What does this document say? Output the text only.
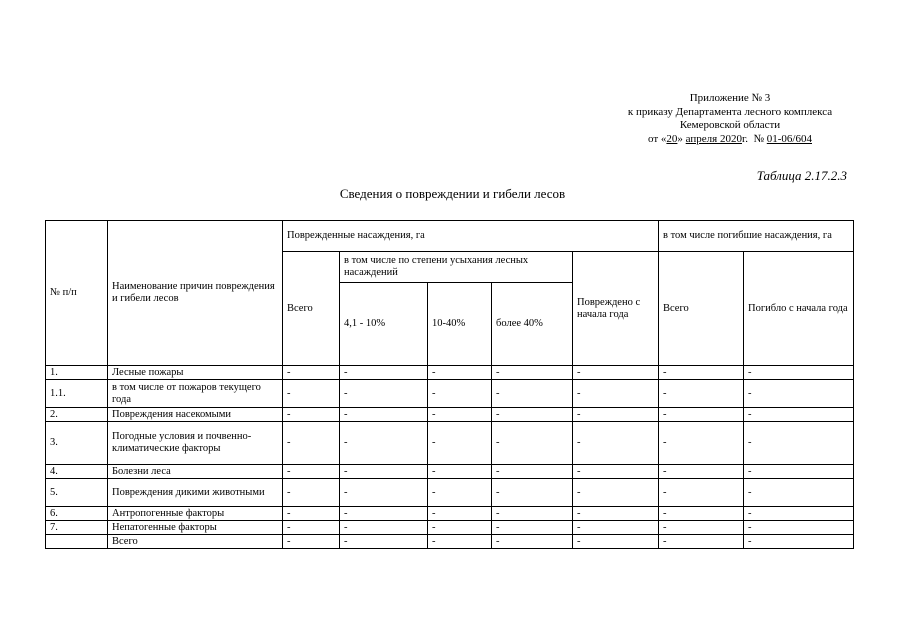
Приложение № 3
к приказу Департамента лесного комплекса
Кемеровской области
от «20» апреля 2020г. № 01-06/604
Таблица 2.17.2.3
Сведения о повреждении и гибели лесов
№ п/п	Наименование причин повреждения и гибели лесов	Поврежденные насаждения, га					в том числе погибшие насаждения, га	
		Всего	в том числе по степени усыхания лесных насаждений			Повреждено с начала года	Всего	Погибло с начала года
			4,1 - 10%	10-40%	более 40%			
1.	Лесные пожары	-	-	-	-	-	-	-
1.1.	в том числе от пожаров текущего года	-	-	-	-	-	-	-
2.	Повреждения насекомыми	-	-	-	-	-	-	-
3.	Погодные условия и почвенно-климатические факторы	-	-	-	-	-	-	-
4.	Болезни леса	-	-	-	-	-	-	-
5.	Повреждения дикими животными	-	-	-	-	-	-	-
6.	Антропогенные факторы	-	-	-	-	-	-	-
7.	Непатогенные факторы	-	-	-	-	-	-	-
	Всего	-	-	-	-	-	-	-
